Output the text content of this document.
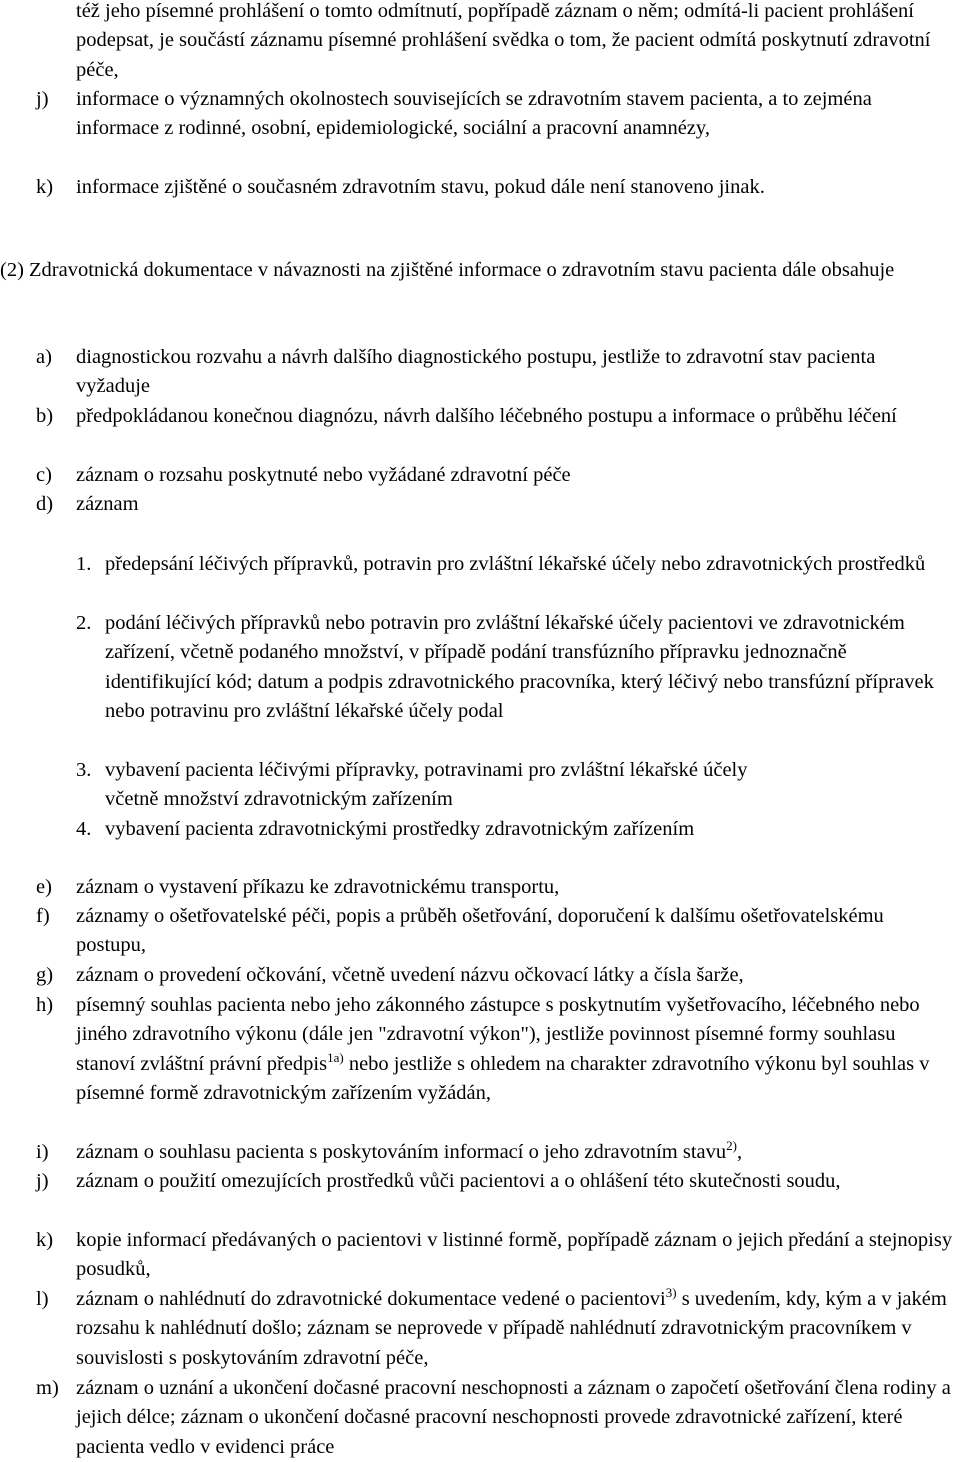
též jeho písemné prohlášení o tomto odmítnutí, popřípadě záznam o něm; odmítá-li pacient prohlášení podepsat, je součástí záznamu písemné prohlášení svědka o tom, že pacient odmítá poskytnutí zdravotní péče,
j) informace o významných okolnostech souvisejících se zdravotním stavem pacienta, a to zejména informace z rodinné, osobní, epidemiologické, sociální a pracovní anamnézy,
k) informace zjištěné o současném zdravotním stavu, pokud dále není stanoveno jinak.
(2) Zdravotnická dokumentace v návaznosti na zjištěné informace o zdravotním stavu pacienta dále obsahuje
a) diagnostickou rozvahu a návrh dalšího diagnostického postupu, jestliže to zdravotní stav pacienta vyžaduje
b) předpokládanou konečnou diagnózu, návrh dalšího léčebného postupu a informace o průběhu léčení
c) záznam o rozsahu poskytnuté nebo vyžádané zdravotní péče
d) záznam
1. předepsání léčivých přípravků, potravin pro zvláštní lékařské účely nebo zdravotnických prostředků
2. podání léčivých přípravků nebo potravin pro zvláštní lékařské účely pacientovi ve zdravotnickém zařízení, včetně podaného množství, v případě podání transfúzního přípravku jednoznačně identifikující kód; datum a podpis zdravotnického pracovníka, který léčivý nebo transfúzní přípravek nebo potravinu pro zvláštní lékařské účely podal
3. vybavení pacienta léčivými přípravky, potravinami pro zvláštní lékařské účely
včetně množství zdravotnickým zařízením
4. vybavení pacienta zdravotnickými prostředky zdravotnickým zařízením
e) záznam o vystavení příkazu ke zdravotnickému transportu,
f) záznamy o ošetřovatelské péči, popis a průběh ošetřování, doporučení k dalšímu ošetřovatelskému postupu,
g) záznam o provedení očkování, včetně uvedení názvu očkovací látky a čísla šarže,
h) písemný souhlas pacienta nebo jeho zákonného zástupce s poskytnutím vyšetřovacího, léčebného nebo jiného zdravotního výkonu (dále jen "zdravotní výkon"), jestliže povinnost písemné formy souhlasu stanoví zvláštní právní předpis$^{1a)}$ nebo jestliže s ohledem na charakter zdravotního výkonu byl souhlas v písemné formě zdravotnickým zařízením vyžádán,
i) záznam o souhlasu pacienta s poskytováním informací o jeho zdravotním stavu$^{2)}$,
j) záznam o použití omezujících prostředků vůči pacientovi a o ohlášení této skutečnosti soudu,
k) kopie informací předávaných o pacientovi v listinné formě, popřípadě záznam o jejich předání a stejnopisy posudků,
l) záznam o nahlédnutí do zdravotnické dokumentace vedené o pacientovi$^{3)}$ s uvedením, kdy, kým a v jakém rozsahu k nahlédnutí došlo; záznam se neprovede v případě nahlédnutí zdravotnickým pracovníkem v souvislosti s poskytováním zdravotní péče,
m) záznam o uznání a ukončení dočasné pracovní neschopnosti a záznam o započetí ošetřování člena rodiny a jejich délce; záznam o ukončení dočasné pracovní neschopnosti provede zdravotnické zařízení, které pacienta vedlo v evidenci práce
